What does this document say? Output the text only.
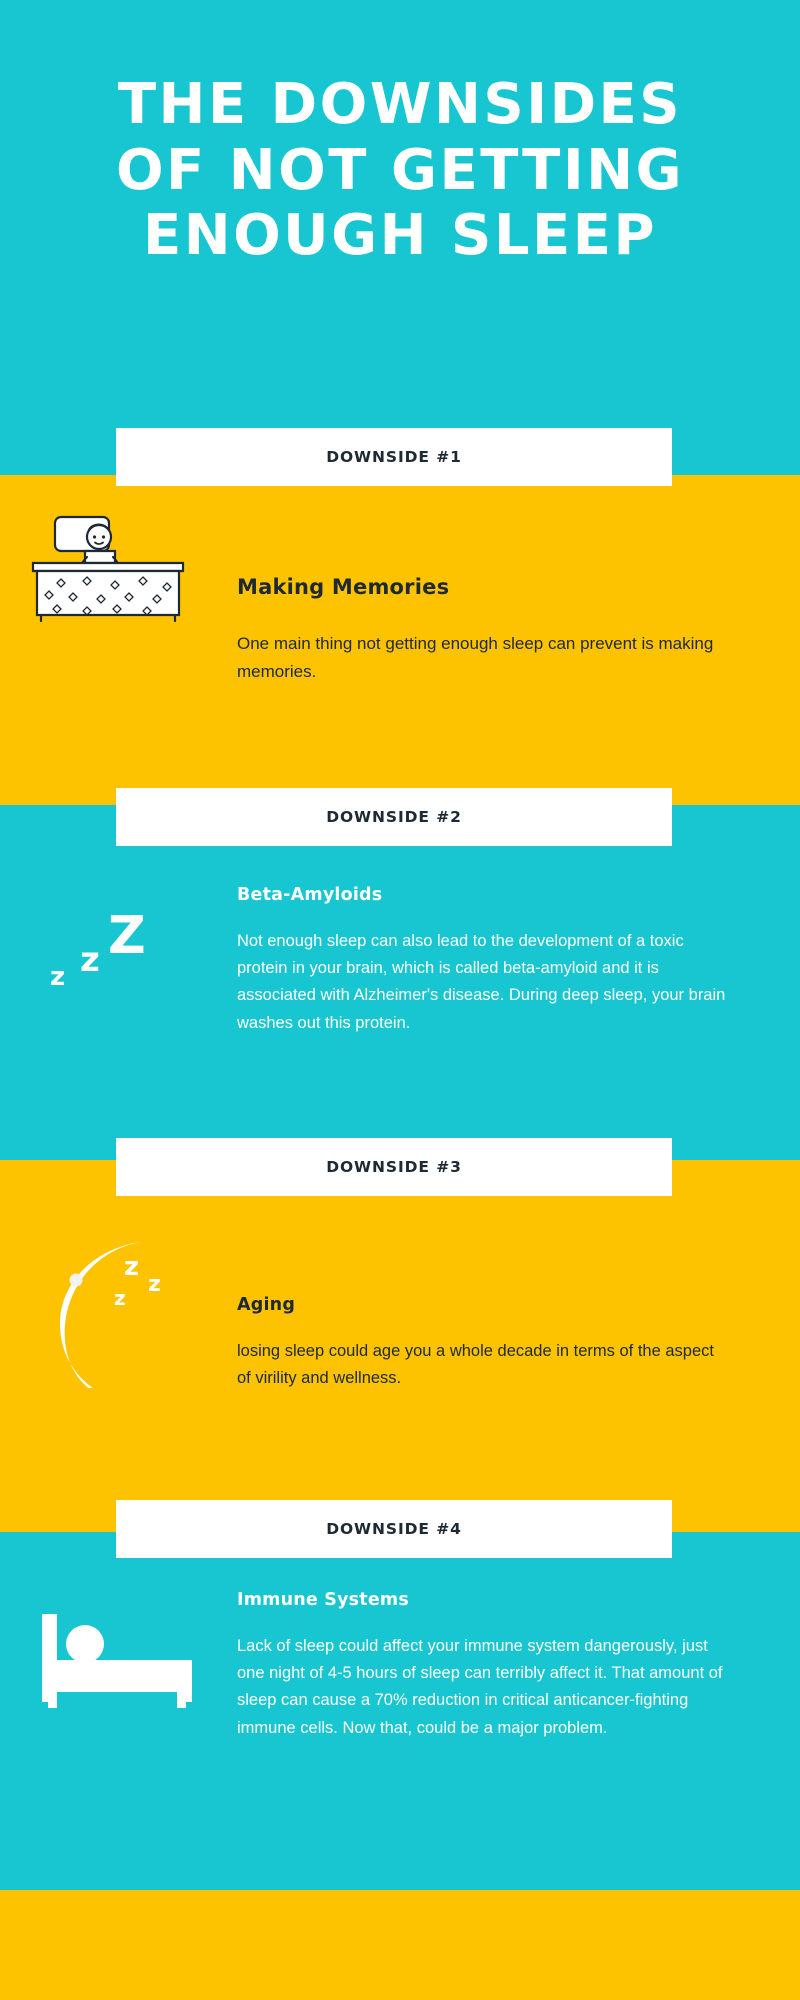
THE DOWNSIDES
OF NOT GETTING
ENOUGH SLEEP
DOWNSIDE #1
DOWNSIDE #2
DOWNSIDE #3
DOWNSIDE #4
Making Memories
One main thing not getting enough sleep can prevent is making memories.
Z
z
z
Beta-Amyloids
Not enough sleep can also lead to the development of a toxic protein in your brain, which is called beta-amyloid and it is associated with Alzheimer's disease. During deep sleep, your brain washes out this protein.
z
z
z	Aging
losing sleep could age you a whole decade in terms of the aspect of virility and wellness.
Immune Systems
Lack of sleep could affect your immune system dangerously, just one night of 4-5 hours of sleep can terribly affect it. That amount of sleep can cause a 70% reduction in critical anticancer-fighting immune cells. Now that, could be a major problem.
